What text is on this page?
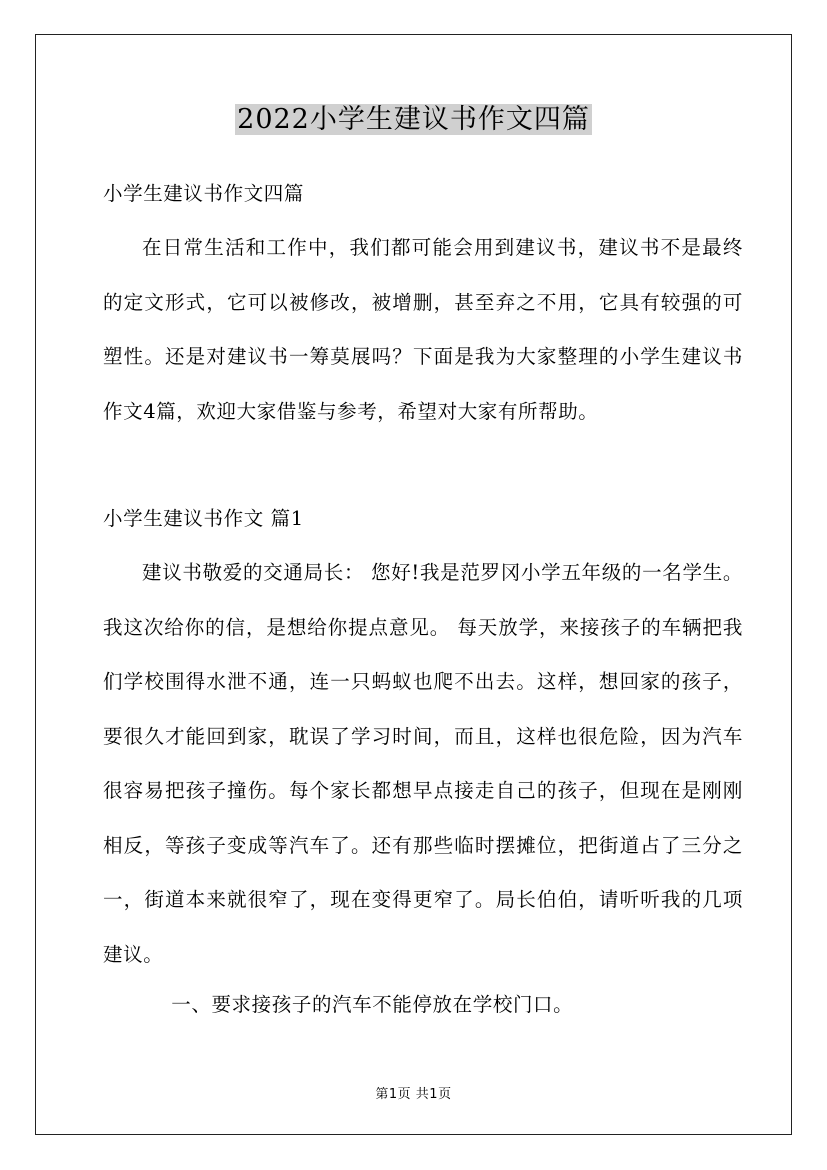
2022小学生建议书作文四篇
小学生建议书作文四篇
在日常生活和工作中，我们都可能会用到建议书，建议书不是最终的定文形式，它可以被修改，被增删，甚至弃之不用，它具有较强的可塑性。还是对建议书一筹莫展吗？下面是我为大家整理的小学生建议书作文4篇，欢迎大家借鉴与参考，希望对大家有所帮助。
小学生建议书作文 篇1
建议书敬爱的交通局长： 您好!我是范罗冈小学五年级的一名学生。我这次给你的信，是想给你提点意见。 每天放学，来接孩子的车辆把我们学校围得水泄不通，连一只蚂蚁也爬不出去。这样，想回家的孩子，要很久才能回到家，耽误了学习时间，而且，这样也很危险，因为汽车很容易把孩子撞伤。每个家长都想早点接走自己的孩子，但现在是刚刚相反，等孩子变成等汽车了。还有那些临时摆摊位，把街道占了三分之一，街道本来就很窄了，现在变得更窄了。局长伯伯，请听听我的几项建议。
一、要求接孩子的汽车不能停放在学校门口。
第1页 共1页
